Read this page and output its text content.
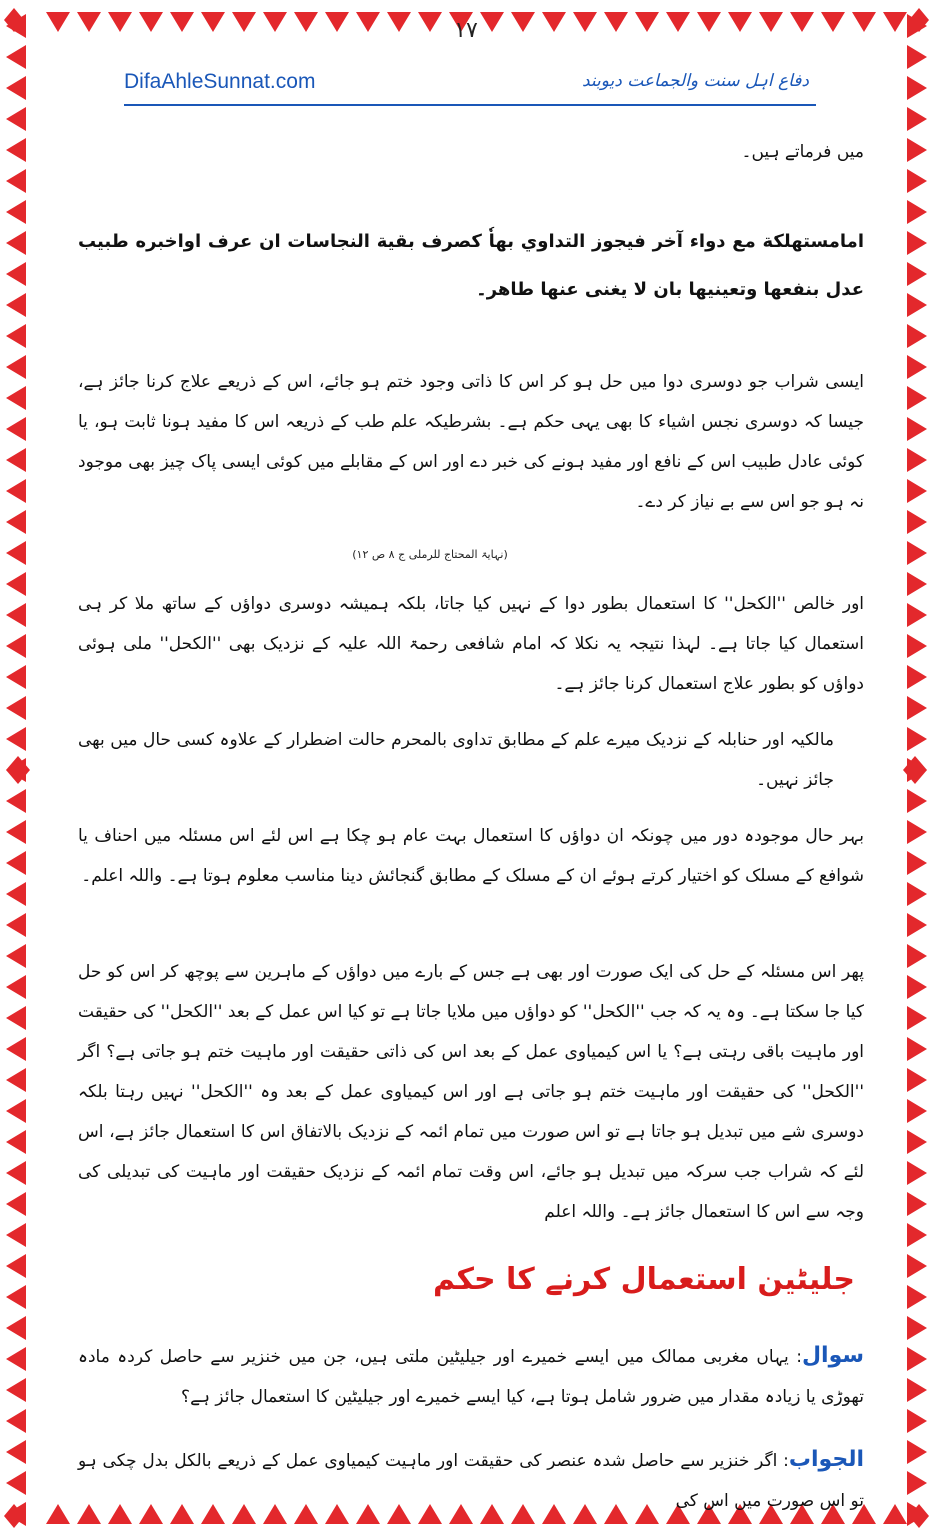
۱۷
DifaAhleSunnat.com	دفاع اہل سنت والجماعت دیوبند
میں فرماتے ہیں۔
امامستهلكة مع دواء آخر فيجوز التداوي بهاٗ كصرف بقية النجاسات ان عرف اواخبره طبيب عدل بنفعها وتعينيها بان لا يغنى عنها طاهر۔
ایسی شراب جو دوسری دوا میں حل ہو کر اس کا ذاتی وجود ختم ہو جائے، اس کے ذریعے علاج کرنا جائز ہے، جیسا کہ دوسری نجس اشیاء کا بھی یہی حکم ہے۔ بشرطیکہ علم طب کے ذریعہ اس کا مفید ہونا ثابت ہو، یا کوئی عادل طبیب اس کے نافع اور مفید ہونے کی خبر دے اور اس کے مقابلے میں کوئی ایسی پاک چیز بھی موجود نہ ہو جو اس سے بے نیاز کر دے۔
(نہایۃ المحتاج للرملی ج ۸ ص ۱۲)
اور خالص ''الکحل'' کا استعمال بطور دوا کے نہیں کیا جاتا، بلکہ ہمیشہ دوسری دواؤں کے ساتھ ملا کر ہی استعمال کیا جاتا ہے۔ لہذا نتیجہ یہ نکلا کہ امام شافعی رحمۃ اللہ علیہ کے نزدیک بھی ''الکحل'' ملی ہوئی دواؤں کو بطور علاج استعمال کرنا جائز ہے۔
مالکیہ اور حنابلہ کے نزدیک میرے علم کے مطابق تداوی بالمحرم حالت اضطرار کے علاوہ کسی حال میں بھی جائز نہیں۔
بہر حال موجودہ دور میں چونکہ ان دواؤں کا استعمال بہت عام ہو چکا ہے اس لئے اس مسئلہ میں احناف یا شوافع کے مسلک کو اختیار کرتے ہوئے ان کے مسلک کے مطابق گنجائش دینا مناسب معلوم ہوتا ہے۔ واللہ اعلم۔
پھر اس مسئلہ کے حل کی ایک صورت اور بھی ہے جس کے بارے میں دواؤں کے ماہرین سے پوچھ کر اس کو حل کیا جا سکتا ہے۔ وہ یہ کہ جب ''الکحل'' کو دواؤں میں ملایا جاتا ہے تو کیا اس عمل کے بعد ''الکحل'' کی حقیقت اور ماہیت باقی رہتی ہے؟ یا اس کیمیاوی عمل کے بعد اس کی ذاتی حقیقت اور ماہیت ختم ہو جاتی ہے؟ اگر ''الکحل'' کی حقیقت اور ماہیت ختم ہو جاتی ہے اور اس کیمیاوی عمل کے بعد وہ ''الکحل'' نہیں رہتا بلکہ دوسری شے میں تبدیل ہو جاتا ہے تو اس صورت میں تمام ائمہ کے نزدیک بالاتفاق اس کا استعمال جائز ہے، اس لئے کہ شراب جب سرکہ میں تبدیل ہو جائے، اس وقت تمام ائمہ کے نزدیک حقیقت اور ماہیت کی تبدیلی کی وجہ سے اس کا استعمال جائز ہے۔ واللہ اعلم
جلیٹین استعمال کرنے کا حکم
سوال: یہاں مغربی ممالک میں ایسے خمیرے اور جیلیٹین ملتی ہیں، جن میں خنزیر سے حاصل کردہ مادہ تھوڑی یا زیادہ مقدار میں ضرور شامل ہوتا ہے، کیا ایسے خمیرے اور جیلیٹین کا استعمال جائز ہے؟
الجواب: اگر خنزیر سے حاصل شدہ عنصر کی حقیقت اور ماہیت کیمیاوی عمل کے ذریعے بالکل بدل چکی ہو تو اس صورت میں اس کی
